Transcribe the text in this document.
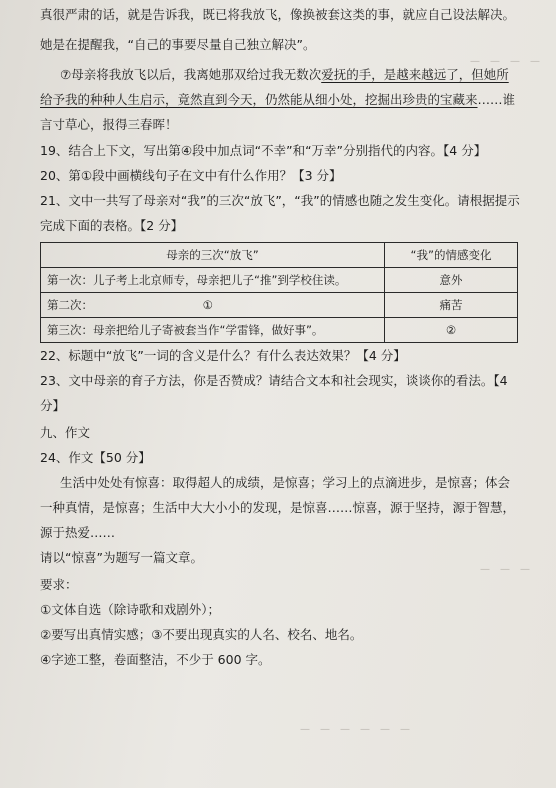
—　—　—　—
—　—　—
—　—　—　—　—　—
真很严肃的话，就是告诉我，既已将我放飞，像换被套这类的事，就应自己设法解决。
她是在提醒我，“自己的事要尽量自己独立解决”。
⑦母亲将我放飞以后，我离她那双给过我无数次爱抚的手，是越来越远了，但她所
给予我的种种人生启示，竟然直到今天，仍然能从细小处，挖掘出珍贵的宝藏来……谁
言寸草心，报得三春晖！
19、结合上下文，写出第④段中加点词“不幸”和“万幸”分别指代的内容。【4 分】
20、第①段中画横线句子在文中有什么作用？【3 分】
21、文中一共写了母亲对“我”的三次“放飞”，“我”的情感也随之发生变化。请根据提示
完成下面的表格。【2 分】
母亲的三次“放飞”	“我”的情感变化
第一次：儿子考上北京师专，母亲把儿子“推”到学校住读。	意外
第二次：                              ①	痛苦
第三次：母亲把给儿子寄被套当作“学雷锋，做好事”。	②
22、标题中“放飞”一词的含义是什么？有什么表达效果？【4 分】
23、文中母亲的育子方法，你是否赞成？请结合文本和社会现实，谈谈你的看法。【4
分】
九、作文
24、作文【50 分】
生活中处处有惊喜：取得超人的成绩，是惊喜；学习上的点滴进步，是惊喜；体会
一种真情，是惊喜；生活中大大小小的发现，是惊喜……惊喜，源于坚持，源于智慧，
源于热爱……
请以“惊喜”为题写一篇文章。
要求：
①文体自选（除诗歌和戏剧外）；
②要写出真情实感；③不要出现真实的人名、校名、地名。
④字迹工整，卷面整洁，不少于 600 字。
